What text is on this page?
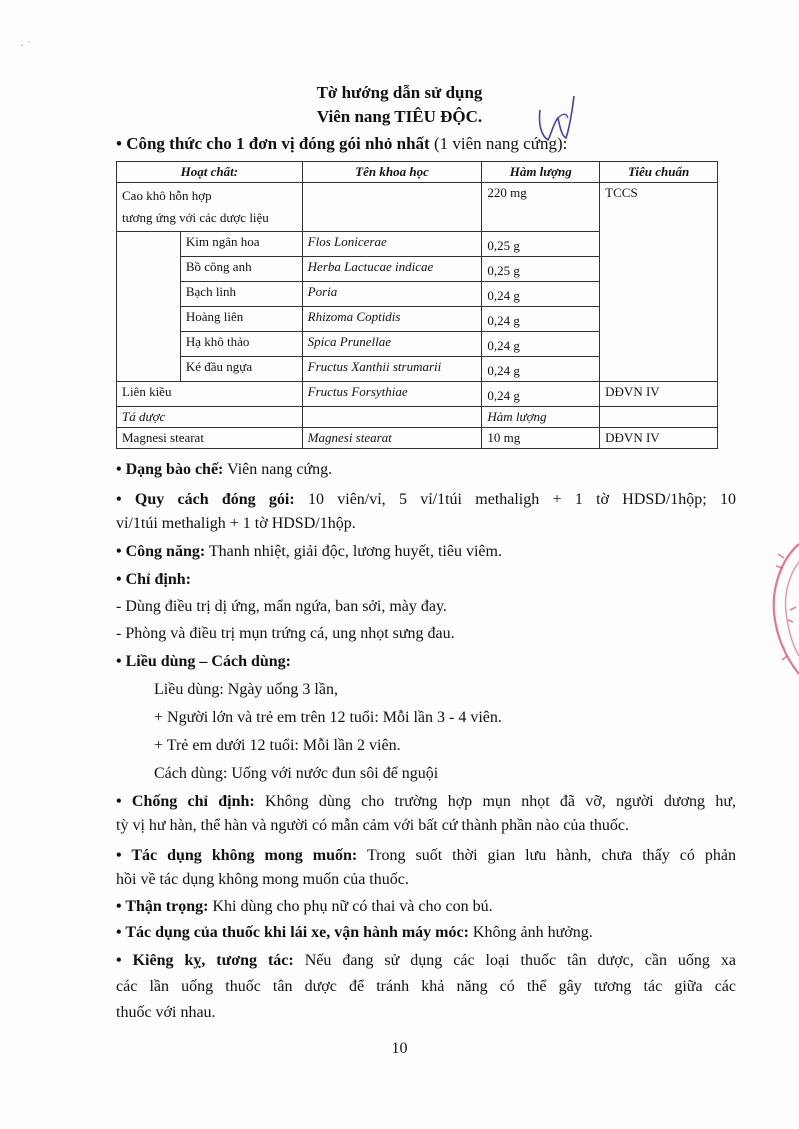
· ˙
Tờ hướng dẫn sử dụng
Viên nang TIÊU ĐỘC.
• Công thức cho 1 đơn vị đóng gói nhỏ nhất (1 viên nang cứng):
Hoạt chất:		Tên khoa học	Hàm lượng	Tiêu chuẩn
Cao khô hỗn hợp
tương ứng với các dược liệu			220 mg	TCCS
	Kim ngân hoa	Flos Lonicerae	0,25 g	
	Bồ công anh	Herba Lactucae indicae	0,25 g	
	Bạch linh	Poria	0,24 g	
	Hoàng liên	Rhizoma Coptidis	0,24 g	
	Hạ khô thảo	Spica Prunellae	0,24 g	
	Ké đầu ngựa	Fructus Xanthii strumarii	0,24 g	
Liên kiều		Fructus Forsythiae	0,24 g	DĐVN IV
Tá dược			Hàm lượng	
Magnesi stearat		Magnesi stearat	10 mg	DĐVN IV
• Dạng bào chế: Viên nang cứng.
• Quy cách đóng gói: 10 viên/vỉ, 5 vỉ/1túi methaligh + 1 tờ HDSD/1hộp; 10
vỉ/1túi methaligh + 1 tờ HDSD/1hộp.
• Công năng: Thanh nhiệt, giải độc, lương huyết, tiêu viêm.
• Chỉ định:
- Dùng điều trị dị ứng, mẩn ngứa, ban sởi, mày đay.
- Phòng và điều trị mụn trứng cá, ung nhọt sưng đau.
• Liều dùng – Cách dùng:
Liều dùng: Ngày uống 3 lần,
+ Người lớn và trẻ em trên 12 tuổi: Mỗi lần 3 - 4 viên.
+ Trẻ em dưới 12 tuổi: Mỗi lần 2 viên.
Cách dùng: Uống với nước đun sôi để nguội
• Chống chỉ định: Không dùng cho trường hợp mụn nhọt đã vỡ, người dương hư,
tỳ vị hư hàn, thể hàn và người có mẫn cảm với bất cứ thành phần nào của thuốc.
• Tác dụng không mong muốn: Trong suốt thời gian lưu hành, chưa thấy có phản
hồi về tác dụng không mong muốn của thuốc.
• Thận trọng: Khi dùng cho phụ nữ có thai và cho con bú.
• Tác dụng của thuốc khi lái xe, vận hành máy móc: Không ảnh hưởng.
• Kiêng kỵ, tương tác: Nếu đang sử dụng các loại thuốc tân dược, cần uống xa
các lần uống thuốc tân dược để tránh khả năng có thể gây tương tác giữa các
thuốc với nhau.
10
